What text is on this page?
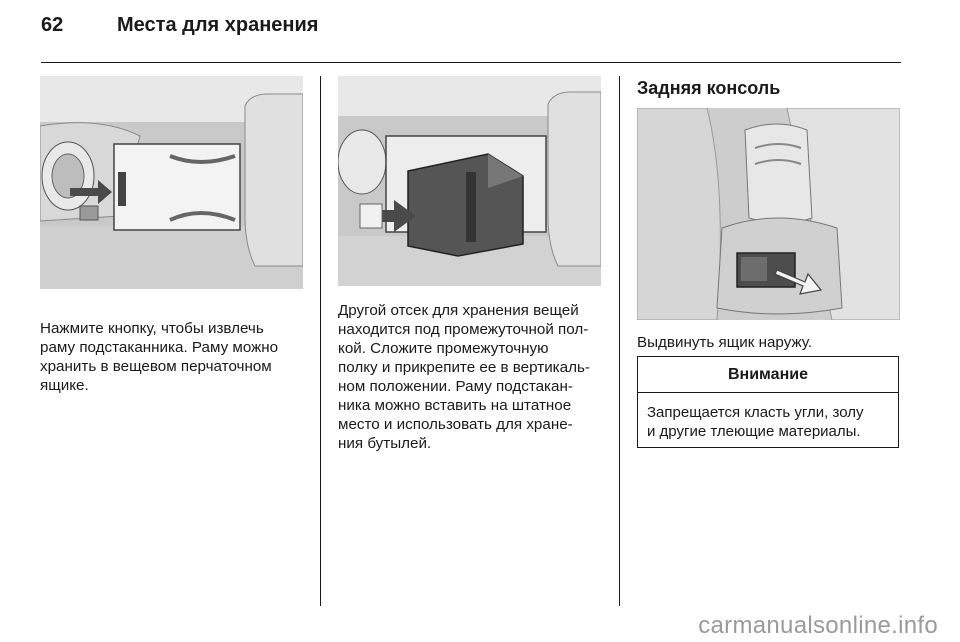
62	Места для хранения

Нажмите кнопку, чтобы извлечь
раму подстаканника. Раму можно
хранить в вещевом перчаточном
ящике.

Другой отсек для хранения вещей
находится под промежуточной пол-
кой. Сложите промежуточную
полку и прикрепите ее в вертикаль-
ном положении. Раму подстакан-
ника можно вставить на штатное
место и использовать для хране-
ния бутылей.

Задняя консоль

Выдвинуть ящик наружу.

Внимание

Запрещается класть угли, золу
и другие тлеющие материалы.

carmanualsonline.info
